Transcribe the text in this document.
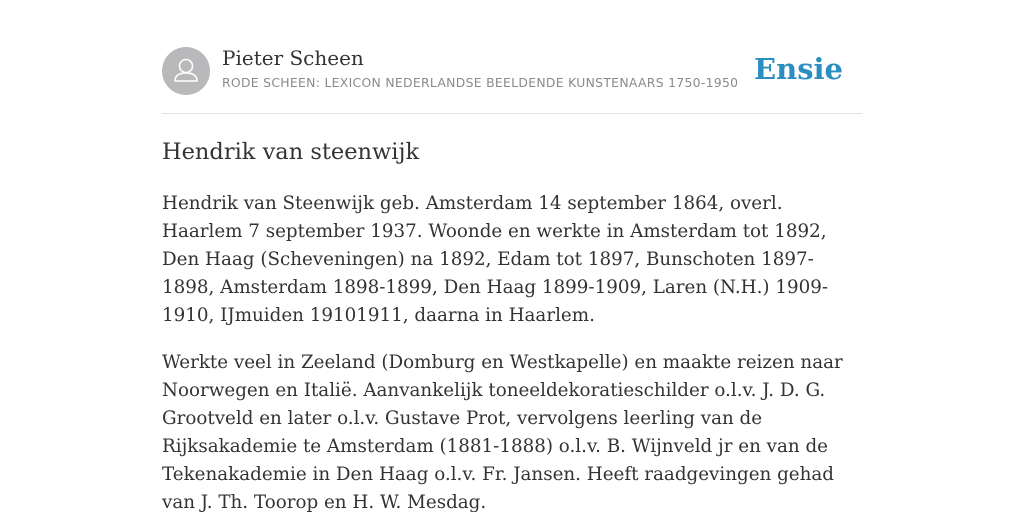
Pieter Scheen
RODE SCHEEN: LEXICON NEDERLANDSE BEELDENDE KUNSTENAARS 1750-1950 Ensie
Hendrik van steenwijk

Hendrik van Steenwijk geb. Amsterdam 14 september 1864, overl. Haarlem 7 september 1937. Woonde en werkte in Amsterdam tot 1892, Den Haag (Scheveningen) na 1892, Edam tot 1897, Bunschoten 1897-1898, Amsterdam 1898-1899, Den Haag 1899-1909, Laren (N.H.) 1909-1910, IJmuiden 19101911, daarna in Haarlem.

Werkte veel in Zeeland (Domburg en Westkapelle) en maakte reizen naar Noorwegen en Italië. Aanvankelijk toneeldekoratieschilder o.l.v. J. D. G. Grootveld en later o.l.v. Gustave Prot, vervolgens leerling van de Rijksakademie te Amsterdam (1881-1888) o.l.v. B. Wijnveld jr en van de Tekenakademie in Den Haag o.l.v. Fr. Jansen. Heeft raadgevingen gehad van J. Th. Toorop en H. W. Mesdag.
